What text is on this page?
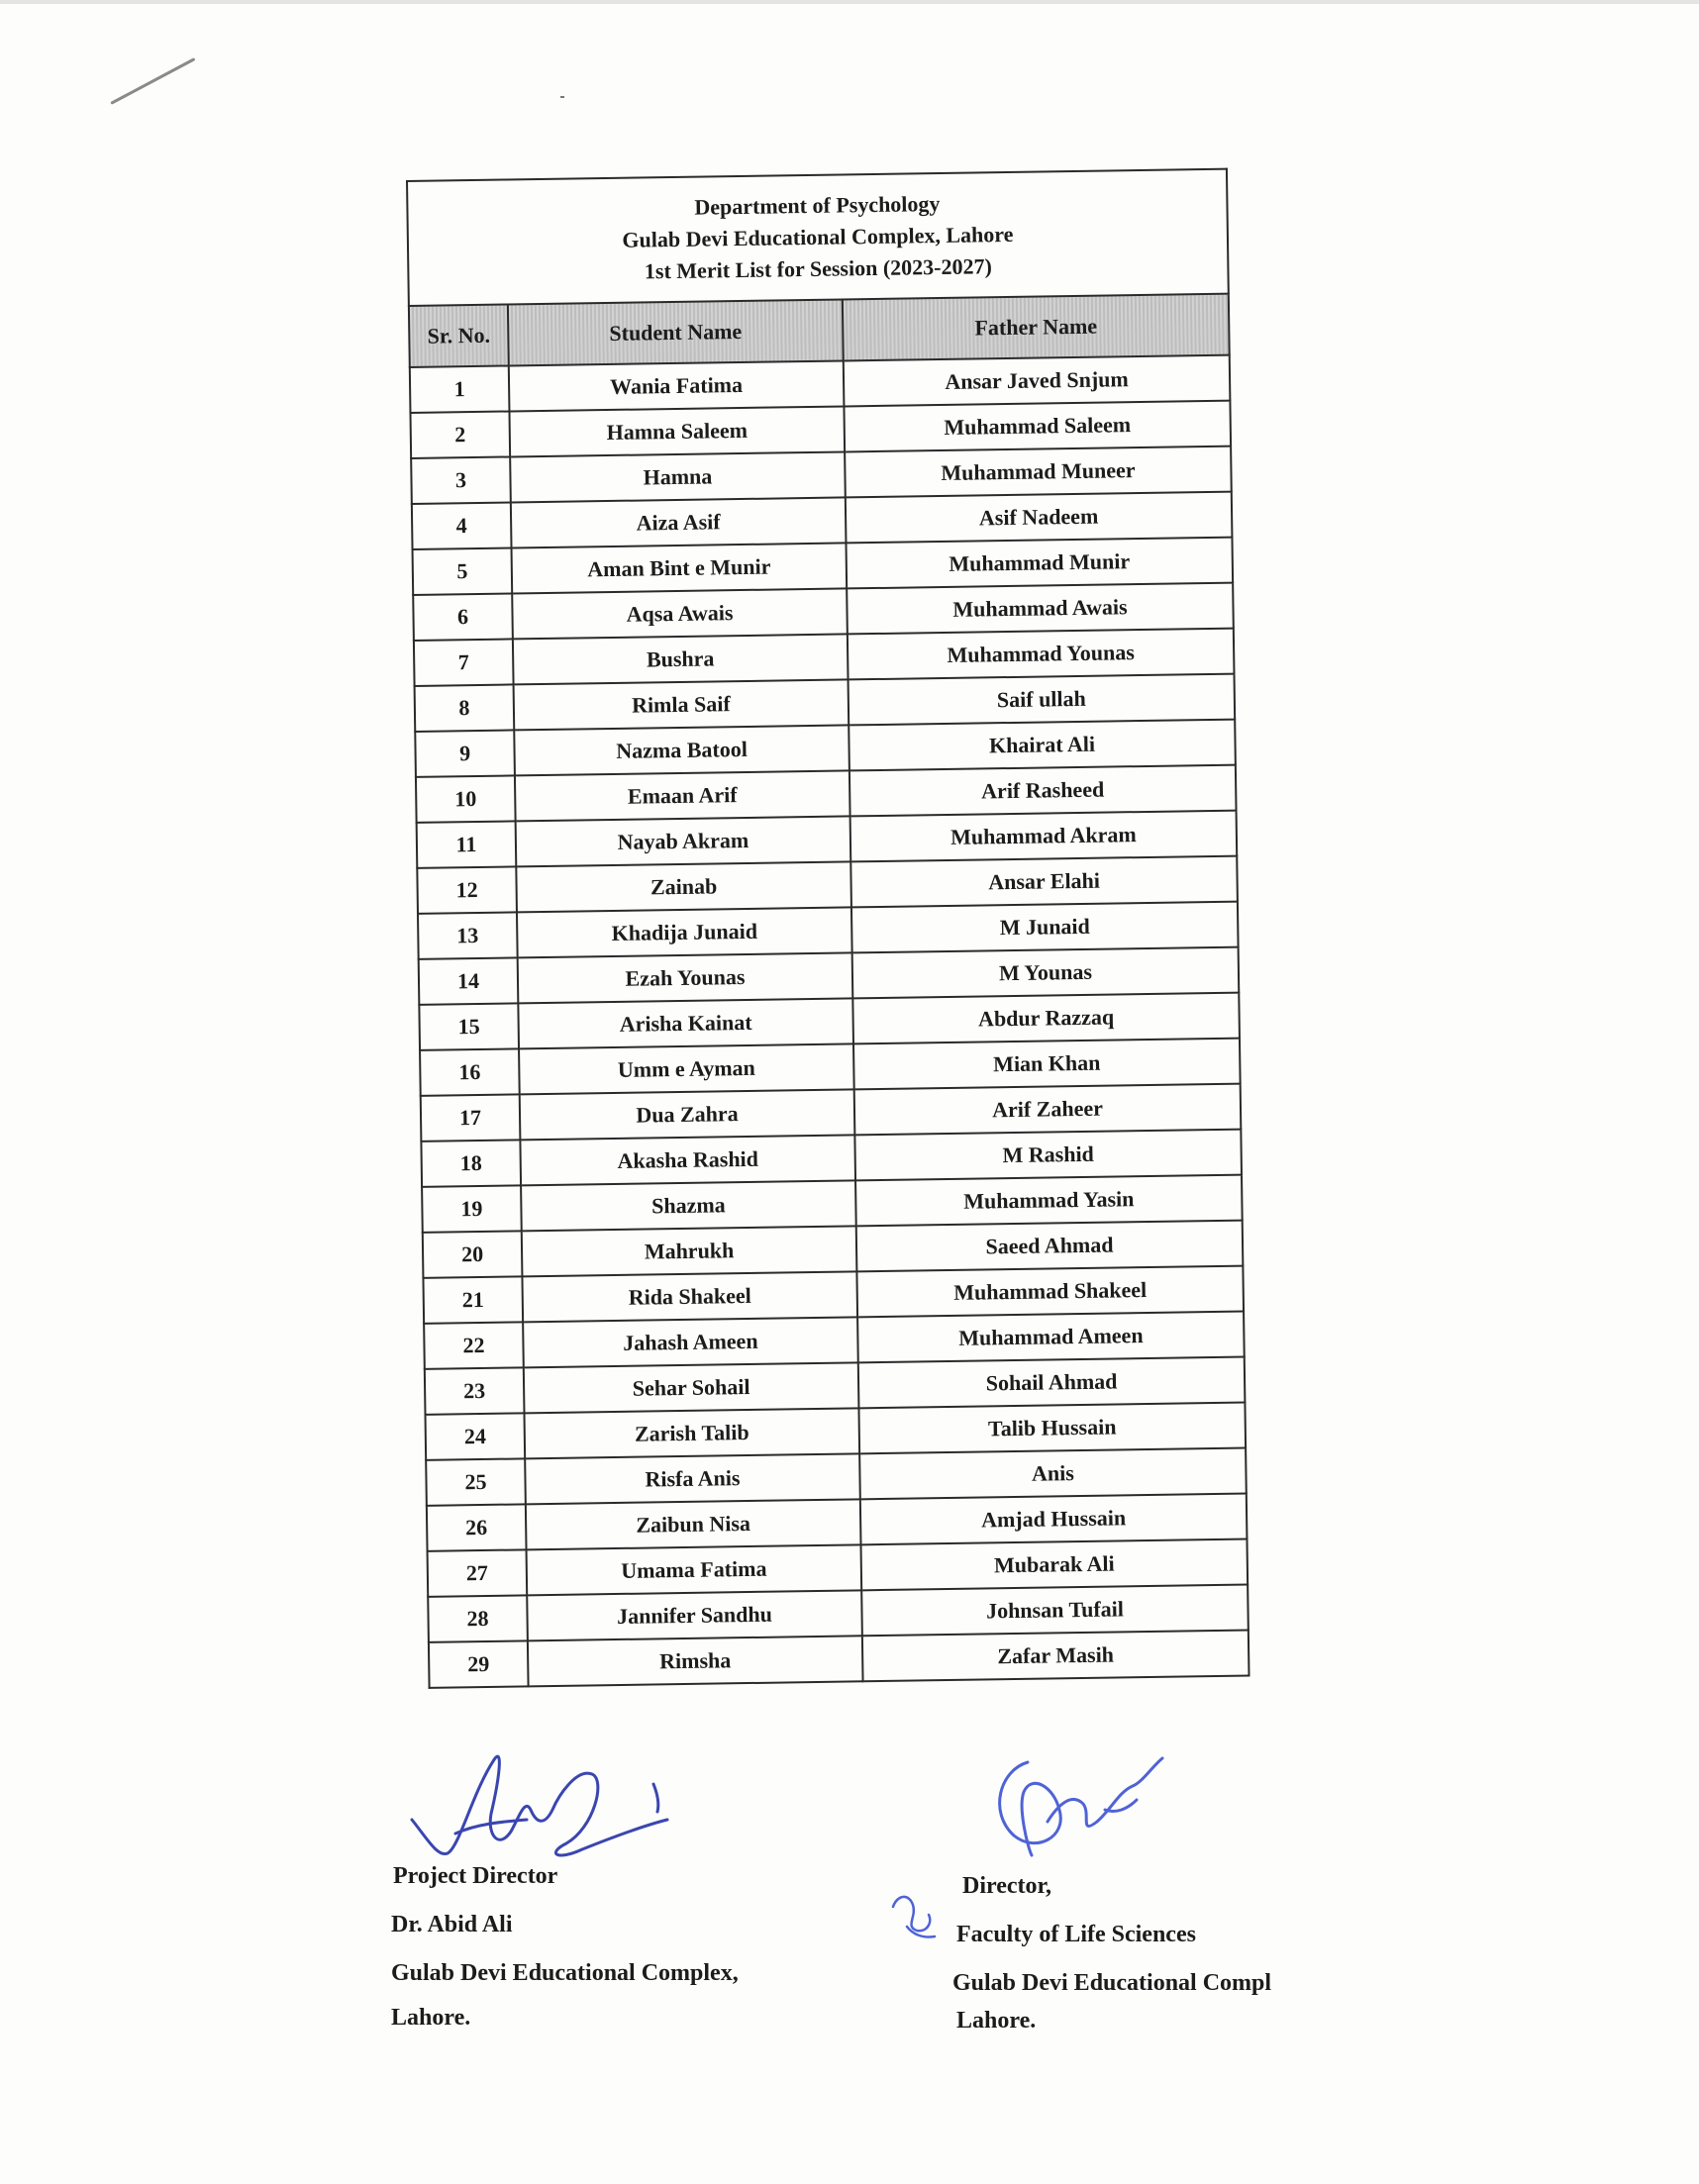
Department of Psychology
Gulab Devi Educational Complex, Lahore
1st Merit List for Session (2023-2027)		

Sr. No.	Student Name	Father Name
1	Wania Fatima	Ansar Javed Snjum
2	Hamna Saleem	Muhammad Saleem
3	Hamna	Muhammad Muneer
4	Aiza Asif	Asif Nadeem
5	Aman Bint e Munir	Muhammad Munir
6	Aqsa Awais	Muhammad Awais
7	Bushra	Muhammad Younas
8	Rimla Saif	Saif ullah
9	Nazma Batool	Khairat Ali
10	Emaan Arif	Arif Rasheed
11	Nayab Akram	Muhammad Akram
12	Zainab	Ansar Elahi
13	Khadija Junaid	M Junaid
14	Ezah Younas	M Younas
15	Arisha Kainat	Abdur Razzaq
16	Umm e Ayman	Mian Khan
17	Dua Zahra	Arif Zaheer
18	Akasha Rashid	M Rashid
19	Shazma	Muhammad Yasin
20	Mahrukh	Saeed Ahmad
21	Rida Shakeel	Muhammad Shakeel
22	Jahash Ameen	Muhammad Ameen
23	Sehar Sohail	Sohail Ahmad
24	Zarish Talib	Talib Hussain
25	Risfa Anis	Anis
26	Zaibun Nisa	Amjad Hussain
27	Umama Fatima	Mubarak Ali
28	Jannifer Sandhu	Johnsan Tufail
29	Rimsha	Zafar Masih
Project Director
Dr. Abid Ali
Gulab Devi Educational Complex,
Lahore.
Director,
Faculty of Life Sciences
Gulab Devi Educational Compl
Lahore.
